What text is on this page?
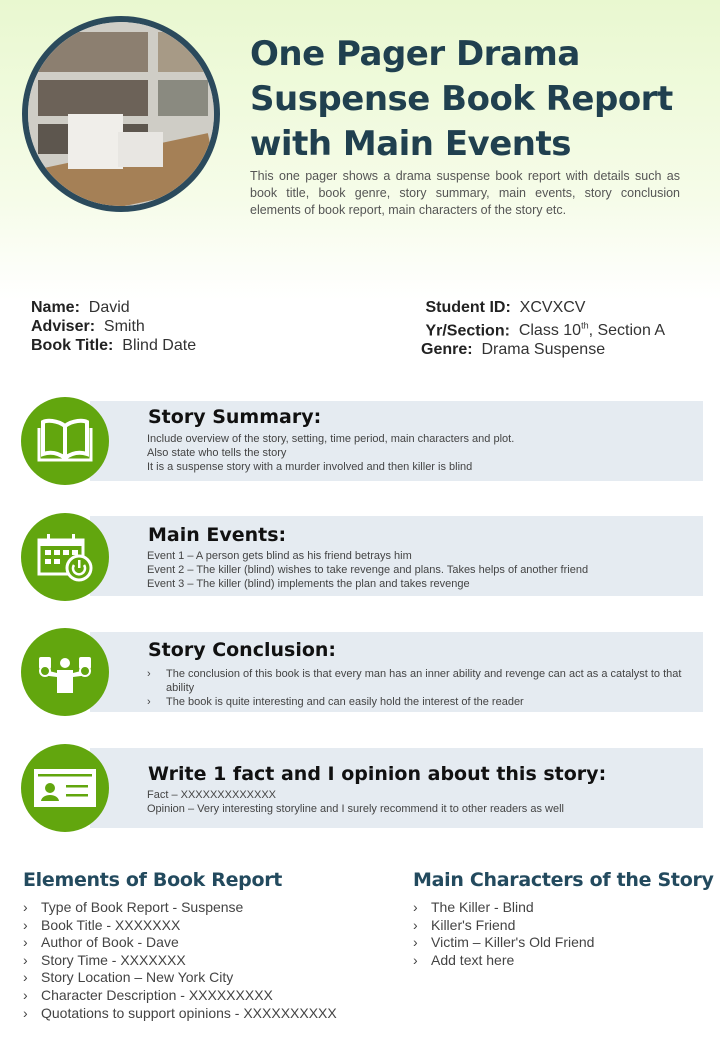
One Pager Drama Suspense Book Report with Main Events
This one pager shows a drama suspense book report with details such as book title, book genre, story summary, main events, story conclusion elements of book report, main characters of the story etc.
Name: David
Adviser: Smith
Book Title: Blind Date
Student ID: XCVXCV
Yr/Section: Class 10th, Section A
Genre: Drama Suspense
Story Summary:
Include overview of the story, setting, time period, main characters and plot.
Also state who tells the story
It is a suspense story with a murder involved and then killer is blind
Main Events:
Event 1 – A person gets blind as his friend betrays him
Event 2 – The killer (blind) wishes to take revenge and plans. Takes helps of another friend
Event 3 – The killer (blind) implements the plan and takes revenge
Story Conclusion:
›	The conclusion of this book is that every man has an inner ability and revenge can act as a catalyst to that ability
›	The book is quite interesting and can easily hold the interest of the reader
Write 1 fact and I opinion about this story:
Fact – XXXXXXXXXXXXX
Opinion – Very interesting storyline and I surely recommend it to other readers as well
Elements of Book Report
› Type of Book Report - Suspense
› Book Title - XXXXXXX
› Author of Book - Dave
› Story Time - XXXXXXX
› Story Location – New York City
› Character Description - XXXXXXXXX
› Quotations to support opinions - XXXXXXXXXX
Main Characters of the Story
› The Killer - Blind
› Killer's Friend
› Victim – Killer's Old Friend
› Add text here
